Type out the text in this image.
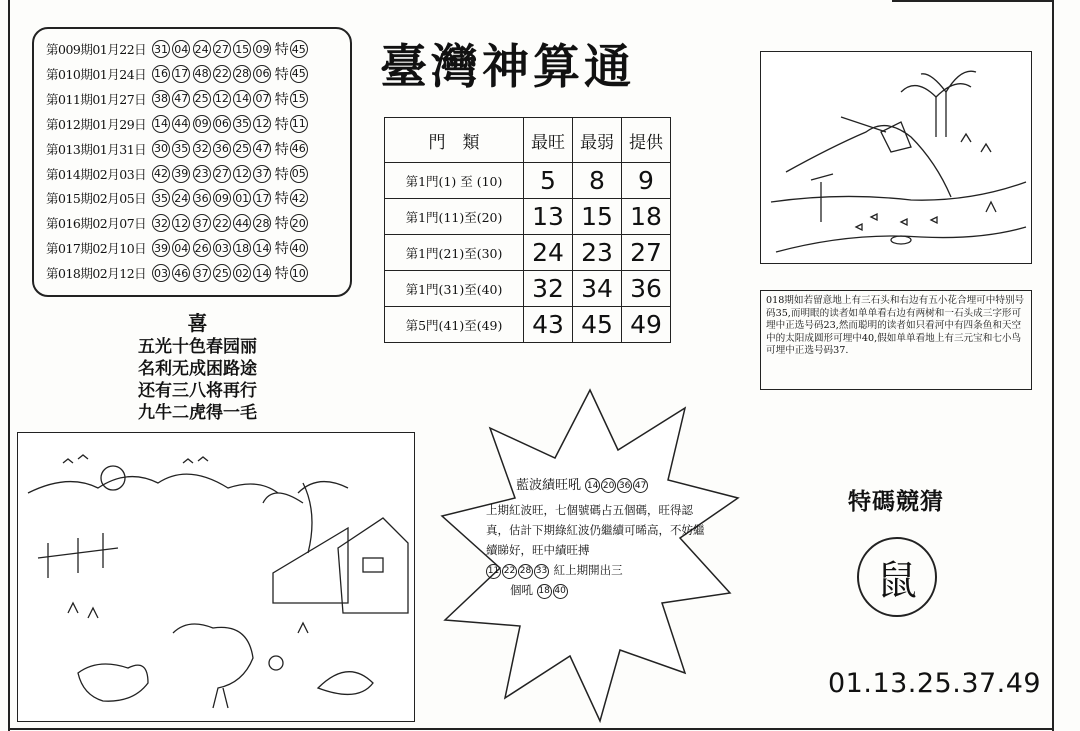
第009期01月22日 31 04 24 27 15 09 特 45
第010期01月24日 16 17 48 22 28 06 特 45
第011期01月27日 38 47 25 12 14 07 特 15
第012期01月29日 14 44 09 06 35 12 特 11
第013期01月31日 30 35 32 36 25 47 特 46
第014期02月03日 42 39 23 27 12 37 特 05
第015期02月05日 35 24 36 09 01 17 特 42
第016期02月07日 32 12 37 22 44 28 特 20
第017期02月10日 39 04 26 03 18 14 特 40
第018期02月12日 03 46 37 25 02 14 特 10
臺灣神算通
門　類	最旺	最弱	提供
第1門(1) 至 (10)	5	8	9
第1門(11)至(20)	13	15	18
第1門(21)至(30)	24	23	27
第1門(31)至(40)	32	34	36
第5門(41)至(49)	43	45	49
喜
五光十色春园丽
名利无成困路途
还有三八将再行
九牛二虎得一毛
018期如若留意地上有三石头和右边有五小花合埋可中特别号码35,而明眼的读者如单单看右边有两树和一石头成三字形可埋中正选号码23,然而聪明的读者如只看河中有四条鱼和天空中的太阳成圆形可埋中40,假如单单看地上有三元宝和七小鸟可埋中正选号码37.
藍波績旺吼 14 20 36 47
上期紅波旺，七個號碼占五個碼，旺得認真，估計下期綠紅波仍繼續可晞高，不妨繼續睇好，旺中績旺搏
11 22 28 33 紅上期開出三
個吼 18 40
特碼競猜
鼠
01.13.25.37.49
